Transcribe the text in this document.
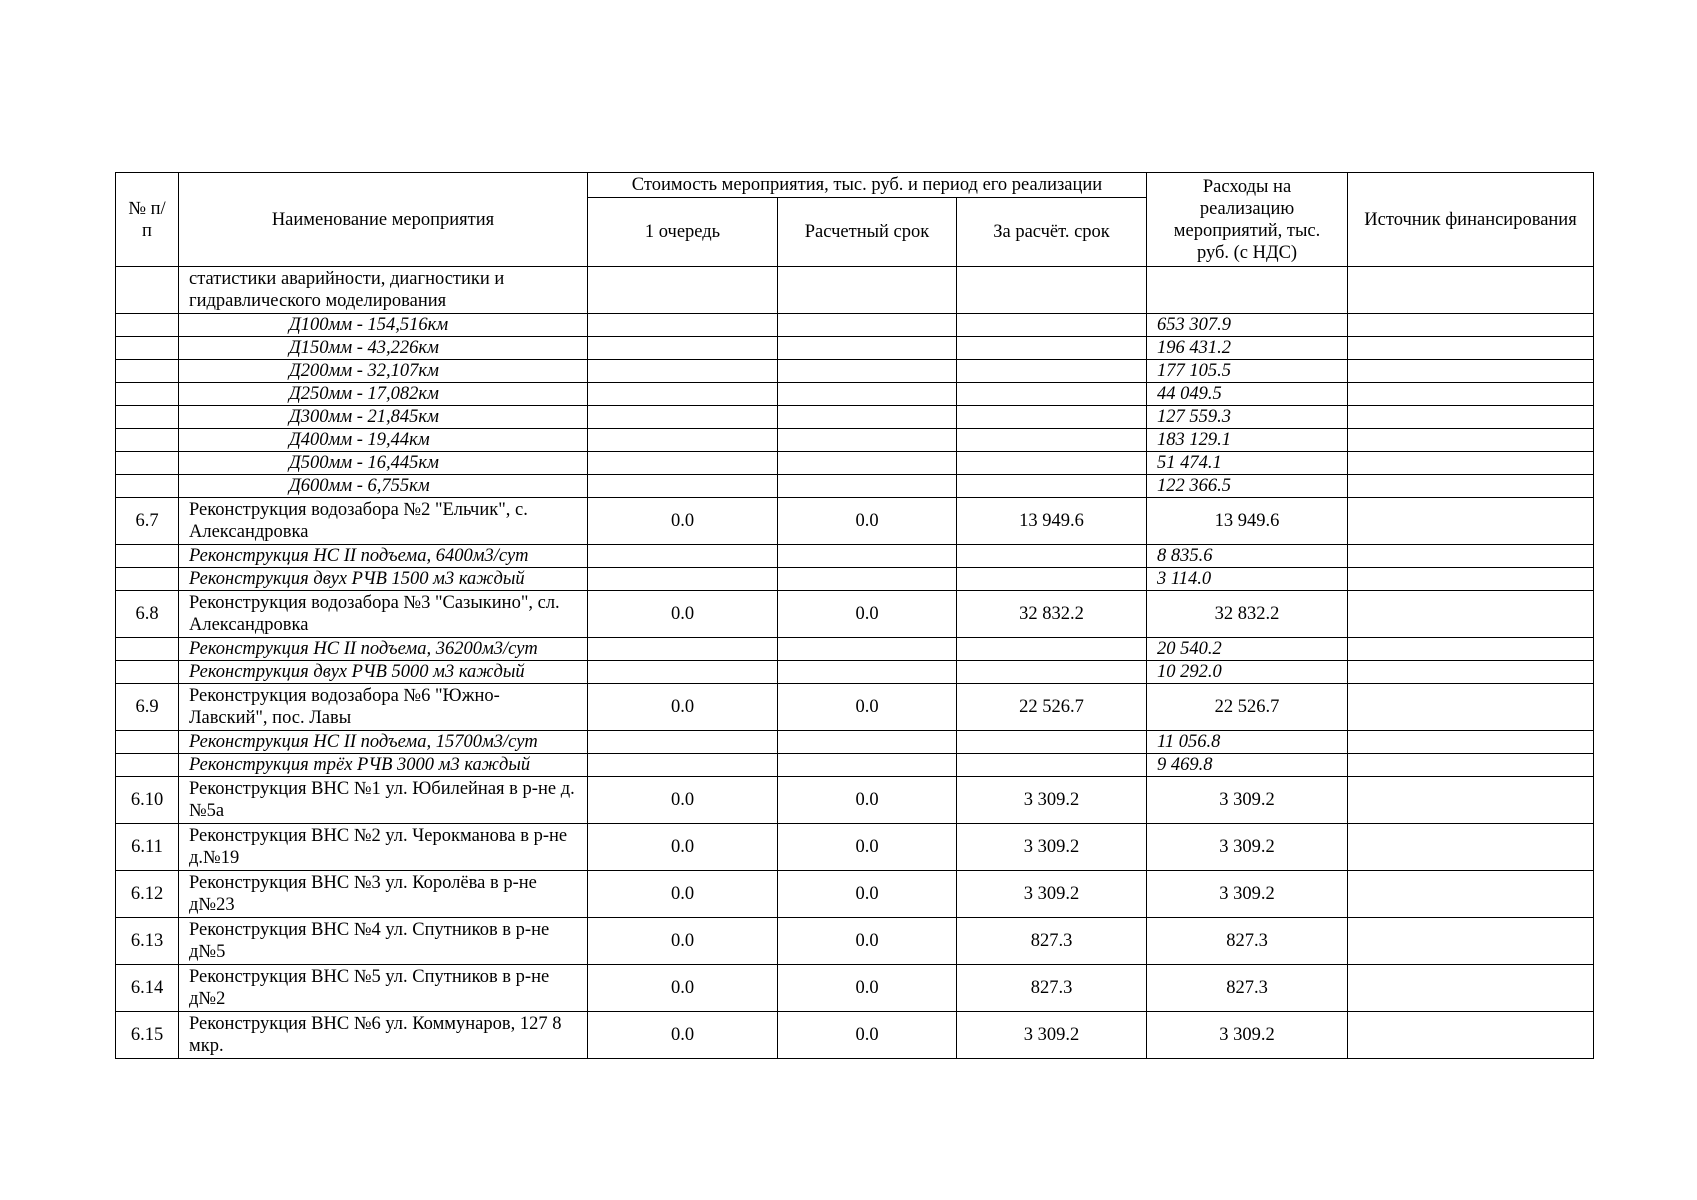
№ п/п	Наименование мероприятия	Стоимость мероприятия, тыс. руб. и период его реализации			Расходы на реализацию мероприятий, тыс. руб. (с НДС)	Источник финансирования
		1 очередь	Расчетный срок	За расчёт. срок		
	статистики аварийности, диагностики и гидравлического моделирования					
	Д100мм - 154,516км				653 307.9	
	Д150мм - 43,226км				196 431.2	
	Д200мм - 32,107км				177 105.5	
	Д250мм - 17,082км				44 049.5	
	Д300мм - 21,845км				127 559.3	
	Д400мм - 19,44км				183 129.1	
	Д500мм - 16,445км				51 474.1	
	Д600мм - 6,755км				122 366.5	
6.7	Реконструкция водозабора №2 "Ельчик", с. Александровка	0.0	0.0	13 949.6	13 949.6	
	Реконструкция НС II подъема, 6400м3/сут				8 835.6	
	Реконструкция двух РЧВ 1500 м3 каждый				3 114.0	
6.8	Реконструкция водозабора №3 "Сазыкино", сл. Александровка	0.0	0.0	32 832.2	32 832.2	
	Реконструкция НС II подъема, 36200м3/сут				20 540.2	
	Реконструкция двух РЧВ 5000 м3 каждый				10 292.0	
6.9	Реконструкция водозабора №6 "Южно-Лавский", пос. Лавы	0.0	0.0	22 526.7	22 526.7	
	Реконструкция НС II подъема, 15700м3/сут				11 056.8	
	Реконструкция трёх РЧВ 3000 м3 каждый				9 469.8	
6.10	Реконструкция ВНС №1 ул. Юбилейная в р-не д.№5а	0.0	0.0	3 309.2	3 309.2	
6.11	Реконструкция ВНС №2 ул. Черокманова в р-не д.№19	0.0	0.0	3 309.2	3 309.2	
6.12	Реконструкция ВНС №3 ул. Королёва в р-не д№23	0.0	0.0	3 309.2	3 309.2	
6.13	Реконструкция ВНС №4 ул. Спутников в р-не д№5	0.0	0.0	827.3	827.3	
6.14	Реконструкция ВНС №5 ул. Спутников в р-не д№2	0.0	0.0	827.3	827.3	
6.15	Реконструкция ВНС №6 ул. Коммунаров, 127 8 мкр.	0.0	0.0	3 309.2	3 309.2	
